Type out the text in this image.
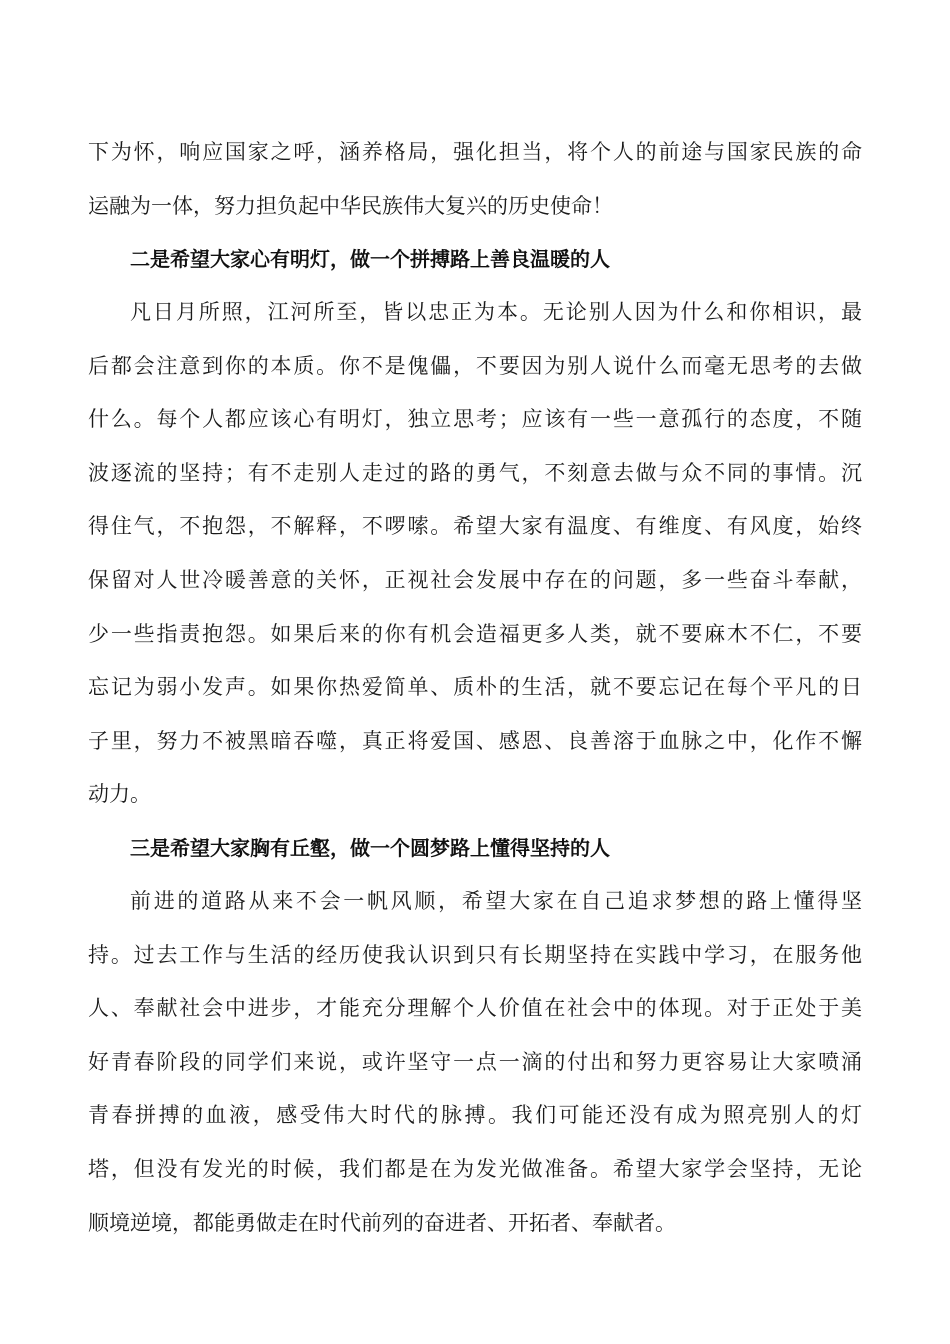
下为怀，响应国家之呼，涵养格局，强化担当，将个人的前途与国家民族的命
运融为一体，努力担负起中华民族伟大复兴的历史使命！
二是希望大家心有明灯，做一个拼搏路上善良温暖的人
凡日月所照，江河所至，皆以忠正为本。无论别人因为什么和你相识，最
后都会注意到你的本质。你不是傀儡，不要因为别人说什么而毫无思考的去做
什么。每个人都应该心有明灯，独立思考；应该有一些一意孤行的态度，不随
波逐流的坚持；有不走别人走过的路的勇气，不刻意去做与众不同的事情。沉
得住气，不抱怨，不解释，不啰嗦。希望大家有温度、有维度、有风度，始终
保留对人世冷暖善意的关怀，正视社会发展中存在的问题，多一些奋斗奉献，
少一些指责抱怨。如果后来的你有机会造福更多人类，就不要麻木不仁，不要
忘记为弱小发声。如果你热爱简单、质朴的生活，就不要忘记在每个平凡的日
子里，努力不被黑暗吞噬，真正将爱国、感恩、良善溶于血脉之中，化作不懈
动力。
三是希望大家胸有丘壑，做一个圆梦路上懂得坚持的人
前进的道路从来不会一帆风顺，希望大家在自己追求梦想的路上懂得坚
持。过去工作与生活的经历使我认识到只有长期坚持在实践中学习，在服务他
人、奉献社会中进步，才能充分理解个人价值在社会中的体现。对于正处于美
好青春阶段的同学们来说，或许坚守一点一滴的付出和努力更容易让大家喷涌
青春拼搏的血液，感受伟大时代的脉搏。我们可能还没有成为照亮别人的灯
塔，但没有发光的时候，我们都是在为发光做准备。希望大家学会坚持，无论
顺境逆境，都能勇做走在时代前列的奋进者、开拓者、奉献者。
